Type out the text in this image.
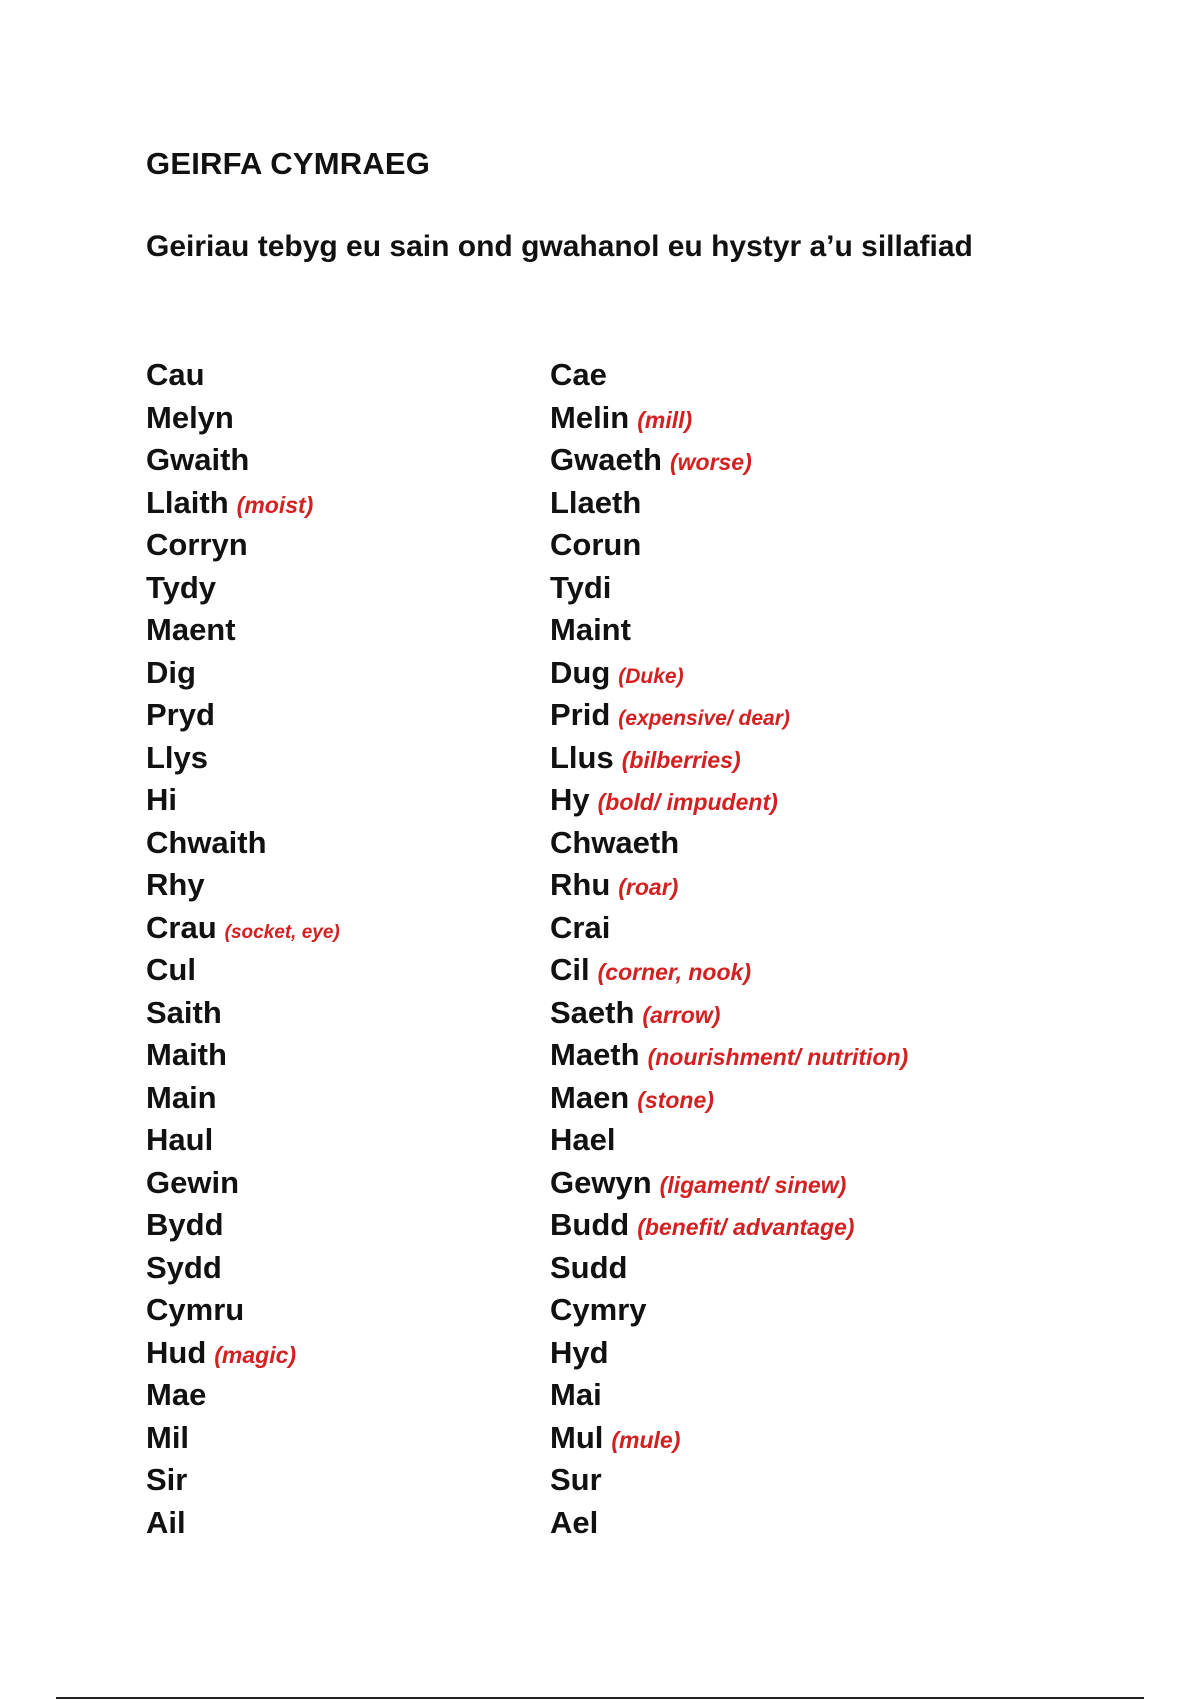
GEIRFA CYMRAEG
Geiriau tebyg eu sain ond gwahanol eu hystyr a’u sillafiad
Cau	Cae
Melyn	Melin (mill)
Gwaith	Gwaeth (worse)
Llaith (moist)	Llaeth
Corryn	Corun
Tydy	Tydi
Maent	Maint
Dig	Dug (Duke)
Pryd	Prid (expensive/ dear)
Llys	Llus (bilberries)
Hi	Hy (bold/ impudent)
Chwaith	Chwaeth
Rhy	Rhu (roar)
Crau (socket, eye)	Crai
Cul	Cil (corner, nook)
Saith	Saeth (arrow)
Maith	Maeth (nourishment/ nutrition)
Main	Maen (stone)
Haul	Hael
Gewin	Gewyn (ligament/ sinew)
Bydd	Budd (benefit/ advantage)
Sydd	Sudd
Cymru	Cymry
Hud (magic)	Hyd
Mae	Mai
Mil	Mul (mule)
Sir	Sur
Ail	Ael
